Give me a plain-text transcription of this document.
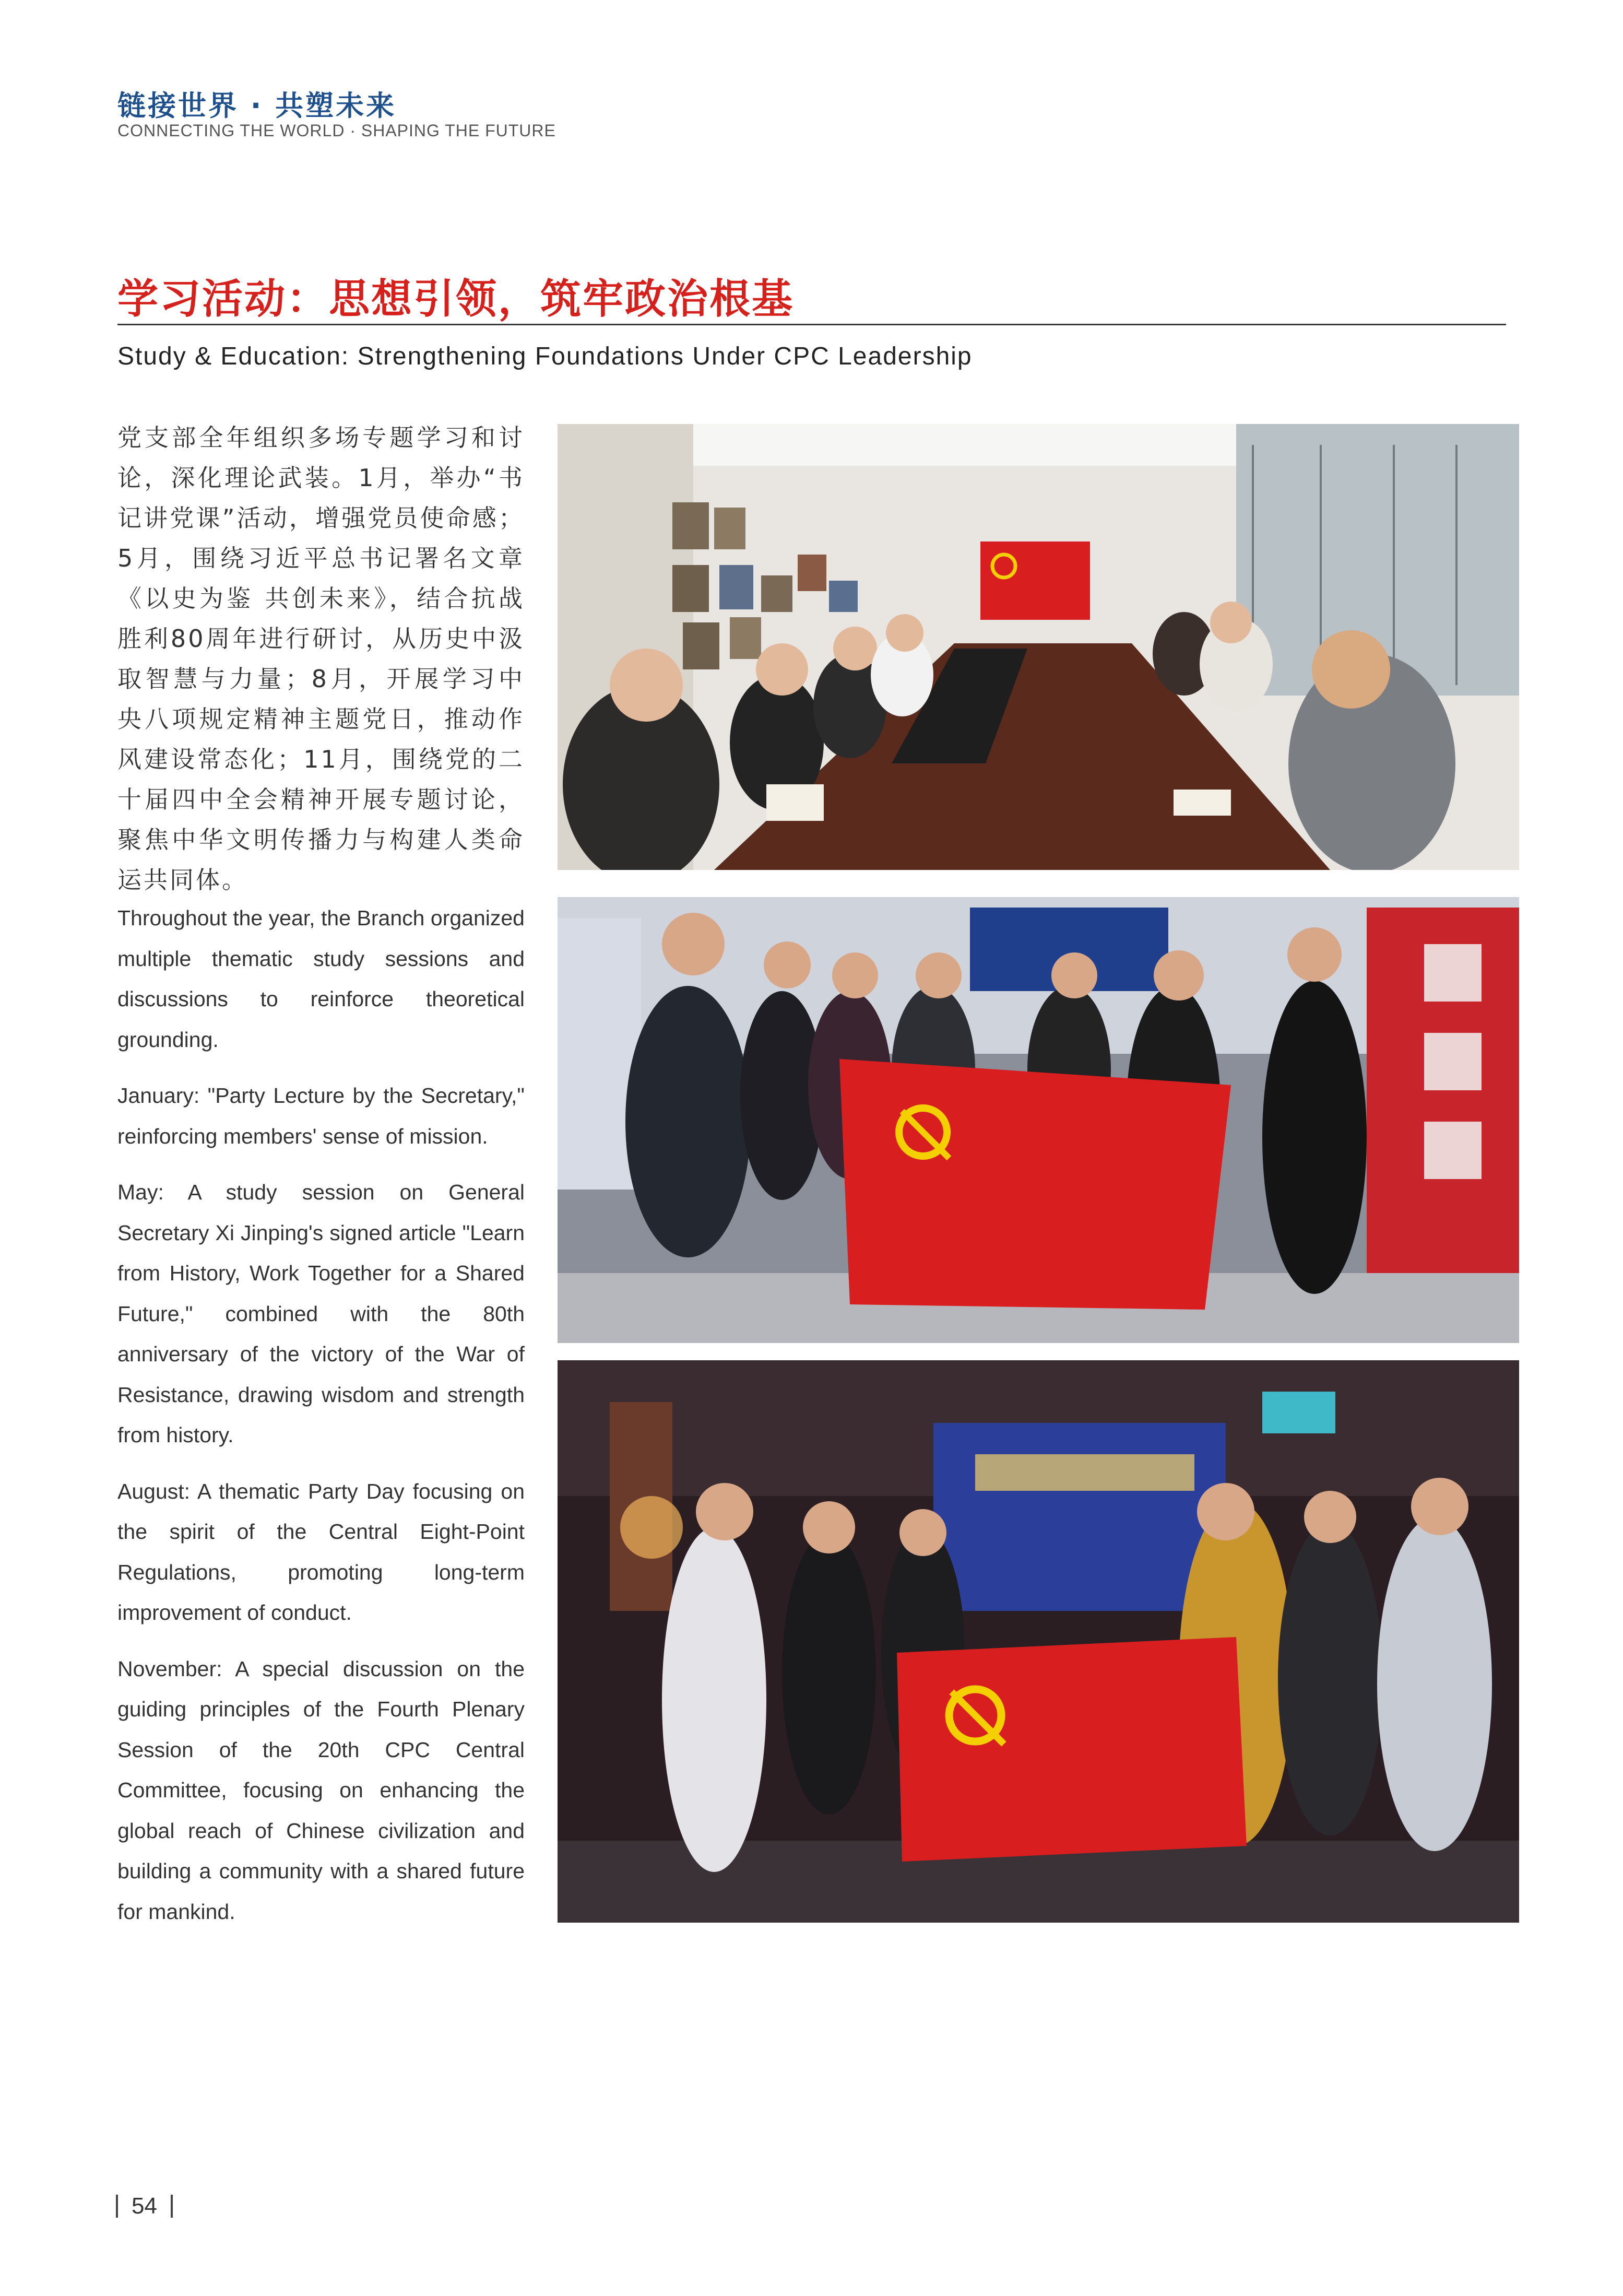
链接世界 · 共塑未来
CONNECTING THE WORLD · SHAPING THE FUTURE
学习活动：思想引领，筑牢政治根基
Study & Education: Strengthening Foundations Under CPC Leadership
党支部全年组织多场专题学习和讨论，深化理论武装。1月，举办“书记讲党课”活动，增强党员使命感；5月，围绕习近平总书记署名文章《以史为鉴 共创未来》，结合抗战胜利80周年进行研讨，从历史中汲取智慧与力量；8月，开展学习中央八项规定精神主题党日，推动作风建设常态化；11月，围绕党的二十届四中全会精神开展专题讨论，聚焦中华文明传播力与构建人类命运共同体。

Throughout the year, the Branch organized multiple thematic study sessions and discussions to reinforce theoretical grounding.

January: "Party Lecture by the Secretary," reinforcing members' sense of mission.

May: A study session on General Secretary Xi Jinping's signed article "Learn from History, Work Together for a Shared Future," combined with the 80th anniversary of the victory of the War of Resistance, drawing wisdom and strength from history.

August: A thematic Party Day focusing on the spirit of the Central Eight-Point Regulations, promoting long-term improvement of conduct.

November: A special discussion on the guiding principles of the Fourth Plenary Session of the 20th CPC Central Committee, focusing on enhancing the global reach of Chinese civilization and building a community with a shared future for mankind.

54
